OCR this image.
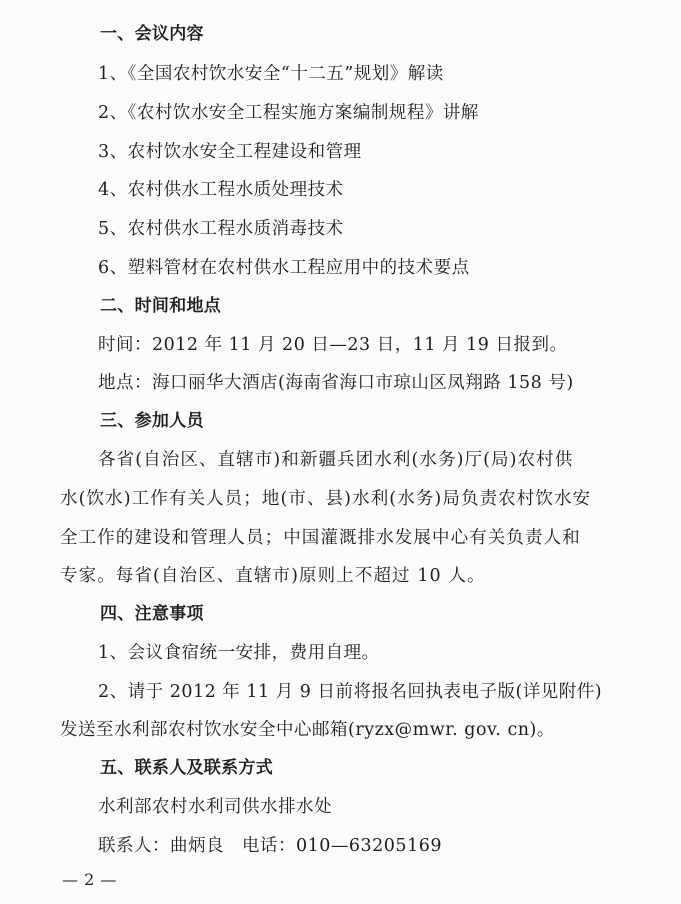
一、会议内容
1、《全国农村饮水安全“十二五”规划》解读
2、《农村饮水安全工程实施方案编制规程》讲解
3、农村饮水安全工程建设和管理
4、农村供水工程水质处理技术
5、农村供水工程水质消毒技术
6、塑料管材在农村供水工程应用中的技术要点
二、时间和地点
时间：2012 年 11 月 20 日—23 日，11 月 19 日报到。
地点：海口丽华大酒店(海南省海口市琼山区凤翔路 158 号)
三、参加人员
各省(自治区、直辖市)和新疆兵团水利(水务)厅(局)农村供
水(饮水)工作有关人员；地(市、县)水利(水务)局负责农村饮水安
全工作的建设和管理人员；中国灌溉排水发展中心有关负责人和
专家。每省(自治区、直辖市)原则上不超过 10 人。
四、注意事项
1、会议食宿统一安排，费用自理。
2、请于 2012 年 11 月 9 日前将报名回执表电子版(详见附件)
发送至水利部农村饮水安全中心邮箱(ryzx@mwr. gov. cn)。
五、联系人及联系方式
水利部农村水利司供水排水处
联系人：曲炳良　电话：010—63205169
— 2 —
